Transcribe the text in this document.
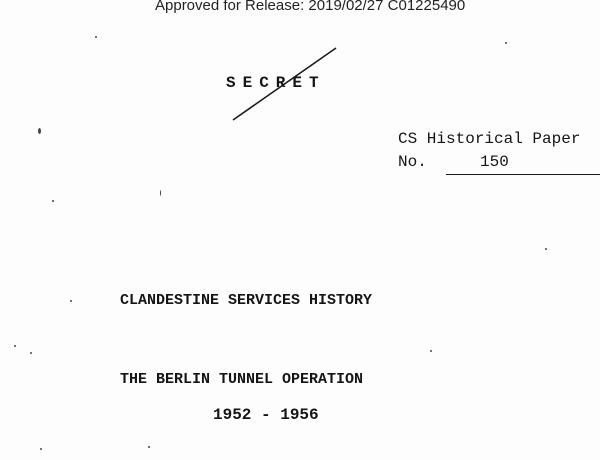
Approved for Release: 2019/02/27 C01225490
SECRET
CS Historical Paper
No.	150
CLANDESTINE SERVICES HISTORY
THE BERLIN TUNNEL OPERATION
1952 - 1956
